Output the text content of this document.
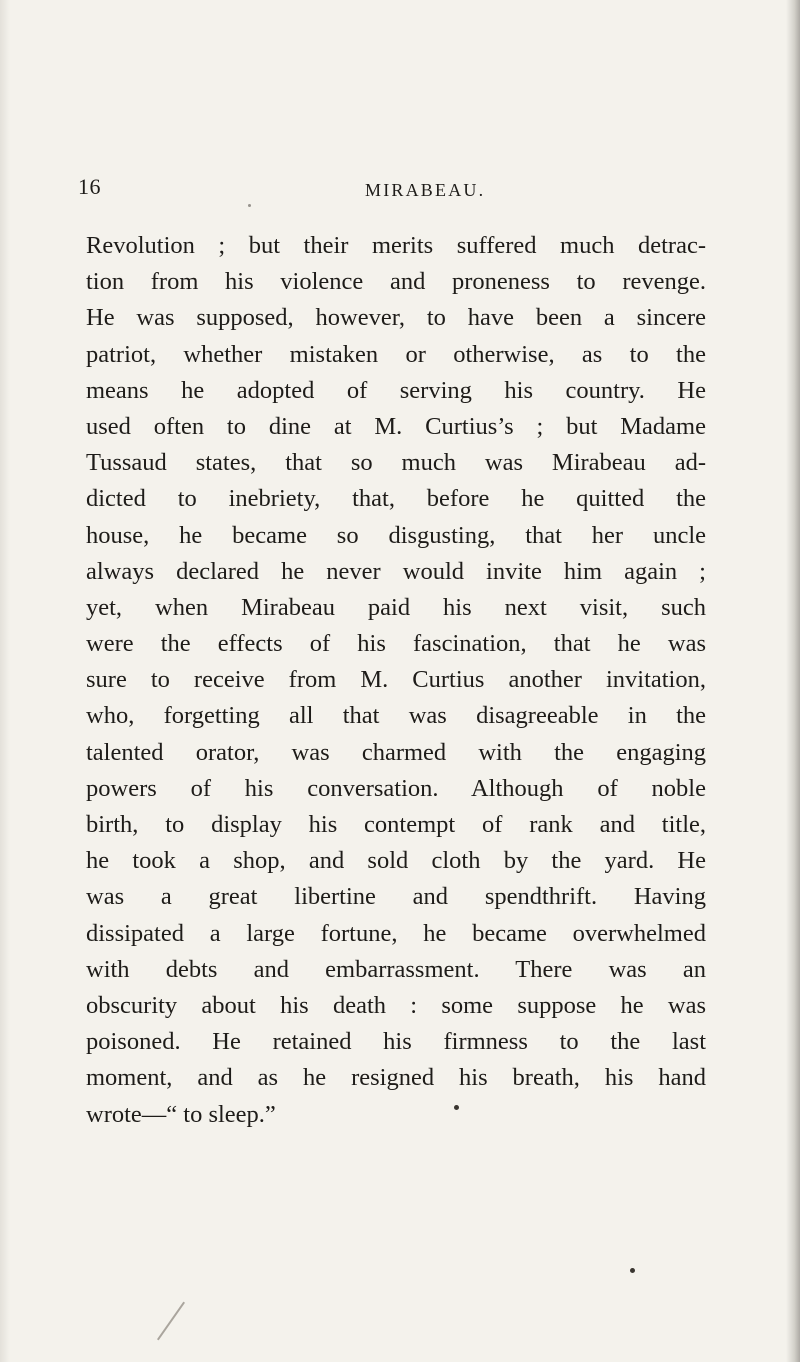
16	MIRABEAU.

Revolution ; but their merits suffered much detrac-
tion from his violence and proneness to revenge.
He was supposed, however, to have been a sincere
patriot, whether mistaken or otherwise, as to the
means he adopted of serving his country. He
used often to dine at M. Curtius’s ; but Madame
Tussaud states, that so much was Mirabeau ad-
dicted to inebriety, that, before he quitted the
house, he became so disgusting, that her uncle
always declared he never would invite him again ;
yet, when Mirabeau paid his next visit, such
were the effects of his fascination, that he was
sure to receive from M. Curtius another invitation,
who, forgetting all that was disagreeable in the
talented orator, was charmed with the engaging
powers of his conversation. Although of noble
birth, to display his contempt of rank and title,
he took a shop, and sold cloth by the yard. He
was a great libertine and spendthrift. Having
dissipated a large fortune, he became overwhelmed
with debts and embarrassment. There was an
obscurity about his death : some suppose he was
poisoned. He retained his firmness to the last
moment, and as he resigned his breath, his hand
wrote—“ to sleep.”
